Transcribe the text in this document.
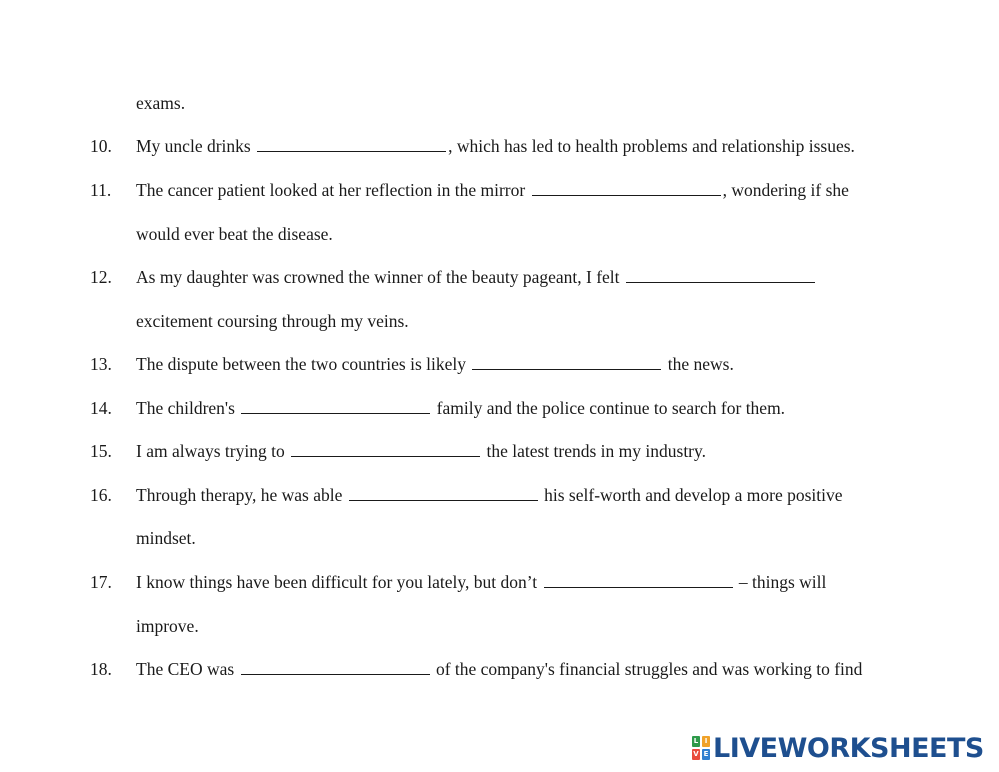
exams.
10. My uncle drinks	, which has led to health problems and relationship issues.
11. The cancer patient looked at her reflection in the mirror	, wondering if she
would ever beat the disease.
12. As my daughter was crowned the winner of the beauty pageant, I felt
excitement coursing through my veins.
13. The dispute between the two countries is likely	the news.
14. The children's	family and the police continue to search for them.
15. I am always trying to	the latest trends in my industry.
16. Through therapy, he was able	his self-worth and develop a more positive
mindset.
17. I know things have been difficult for you lately, but don’t	– things will
improve.
18. The CEO was	of the company's financial struggles and was working to find
L I
V E LIVEWORKSHEETS
